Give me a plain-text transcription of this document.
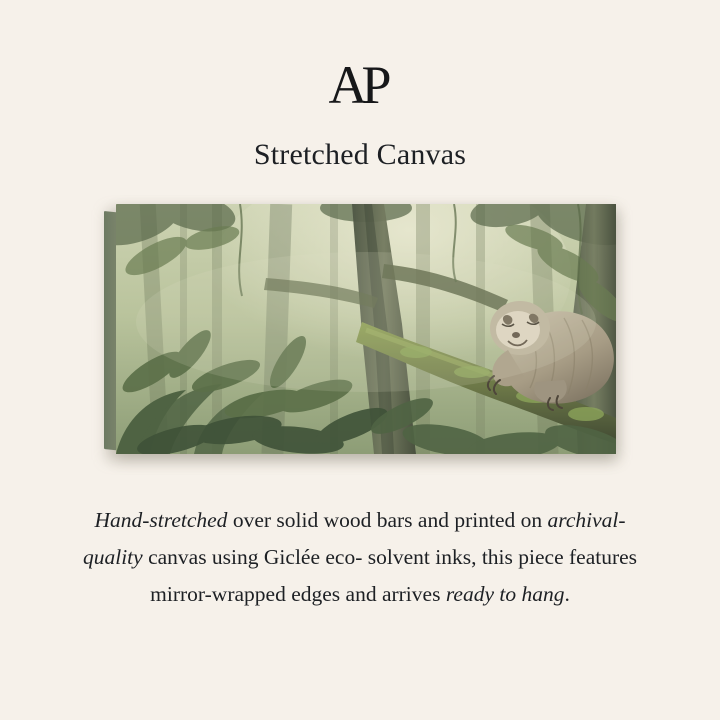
AP
Stretched Canvas
Hand-stretched over solid wood bars and printed on archival-quality canvas using Giclée eco- solvent inks, this piece features mirror-wrapped edges and arrives ready to hang.
